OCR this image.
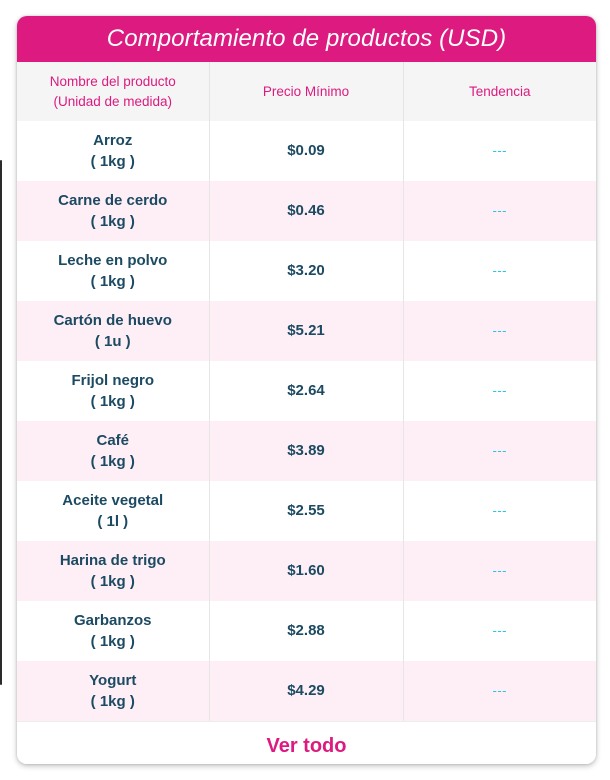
Comportamiento de productos (USD)
Nombre del producto
(Unidad de medida)	Precio Mínimo	Tendencia

Arroz
( 1kg )	$0.09	---

Carne de cerdo
( 1kg )	$0.46	---

Leche en polvo
( 1kg )	$3.20	---

Cartón de huevo
( 1u )	$5.21	---

Frijol negro
( 1kg )	$2.64	---

Café
( 1kg )	$3.89	---

Aceite vegetal
( 1l )	$2.55	---

Harina de trigo
( 1kg )	$1.60	---

Garbanzos
( 1kg )	$2.88	---

Yogurt
( 1kg )	$4.29	---
Ver todo
